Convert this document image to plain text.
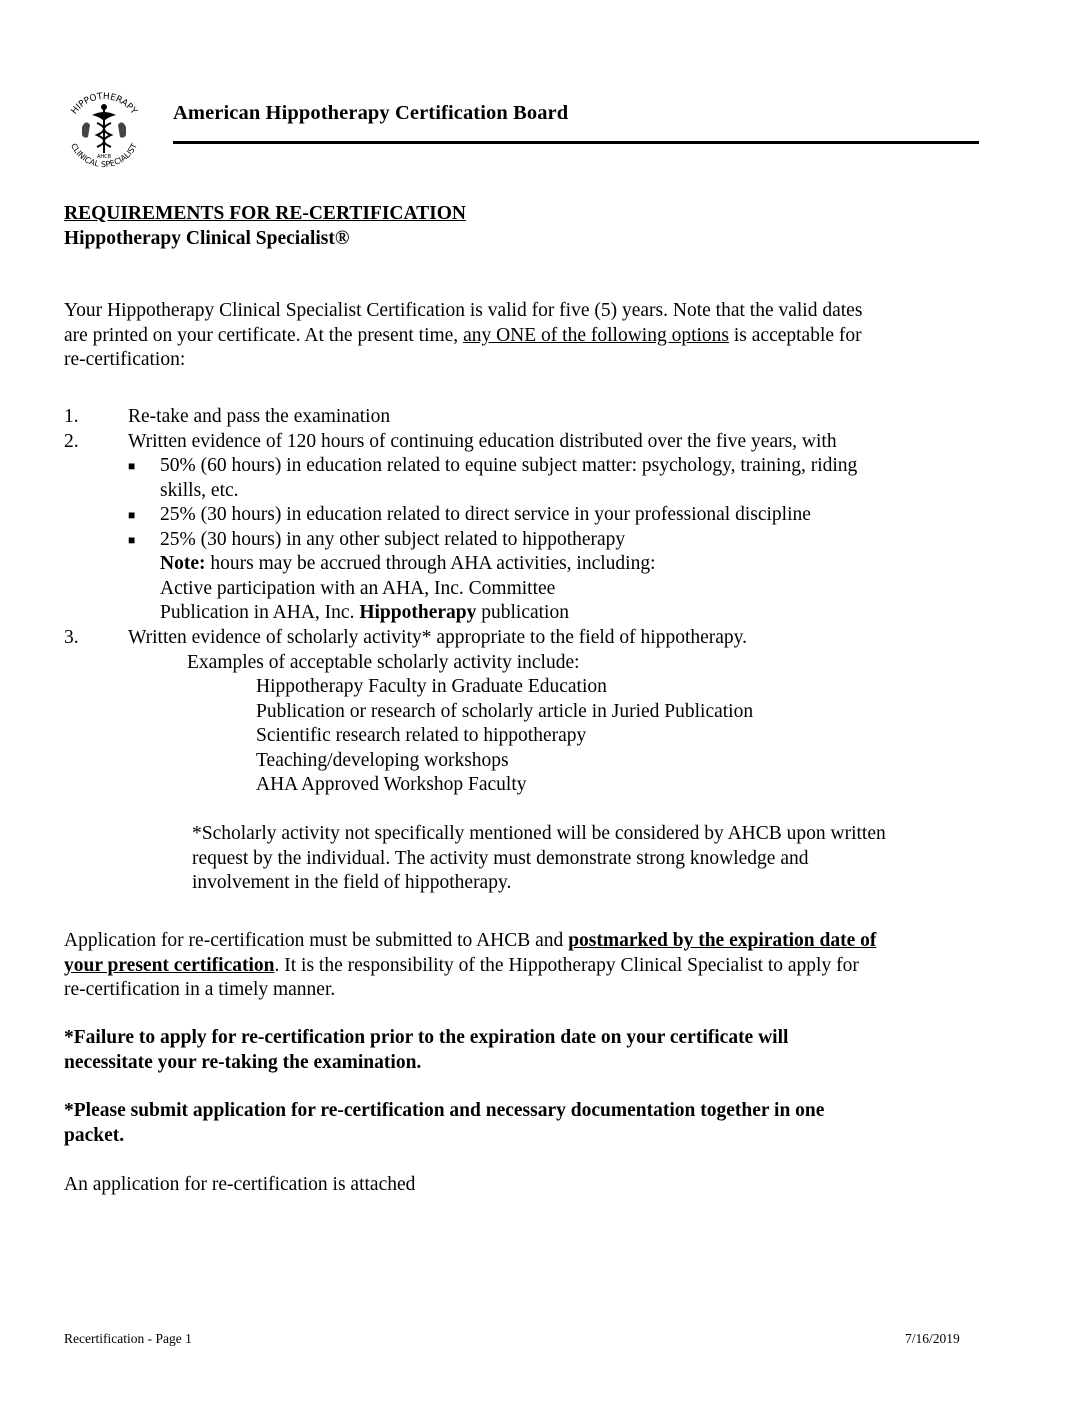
HIPPOTHERAPY
CLINICAL SPECIALIST
AHCB
American Hippotherapy Certification Board
REQUIREMENTS FOR RE-CERTIFICATION
Hippotherapy Clinical Specialist®
Your Hippotherapy Clinical Specialist Certification is valid for five (5) years. Note that the valid dates
are printed on your certificate. At the present time, any ONE of the following options is acceptable for
re-certification:
1.	Re-take and pass the examination
2.	Written evidence of 120 hours of continuing education distributed over the five years, with
■ 50% (60 hours) in education related to equine subject matter: psychology, training, riding
skills, etc.
■ 25% (30 hours) in education related to direct service in your professional discipline
■ 25% (30 hours) in any other subject related to hippotherapy
Note: hours may be accrued through AHA activities, including:
Active participation with an AHA, Inc. Committee
Publication in AHA, Inc. Hippotherapy publication
3.	Written evidence of scholarly activity* appropriate to the field of hippotherapy.
Examples of acceptable scholarly activity include:
Hippotherapy Faculty in Graduate Education
Publication or research of scholarly article in Juried Publication
Scientific research related to hippotherapy
Teaching/developing workshops
AHA Approved Workshop Faculty
*Scholarly activity not specifically mentioned will be considered by AHCB upon written
request by the individual. The activity must demonstrate strong knowledge and
involvement in the field of hippotherapy.
Application for re-certification must be submitted to AHCB and postmarked by the expiration date of
your present certification. It is the responsibility of the Hippotherapy Clinical Specialist to apply for
re-certification in a timely manner.
*Failure to apply for re-certification prior to the expiration date on your certificate will
necessitate your re-taking the examination.
*Please submit application for re-certification and necessary documentation together in one
packet.
An application for re-certification is attached
Recertification - Page 1	7/16/2019
